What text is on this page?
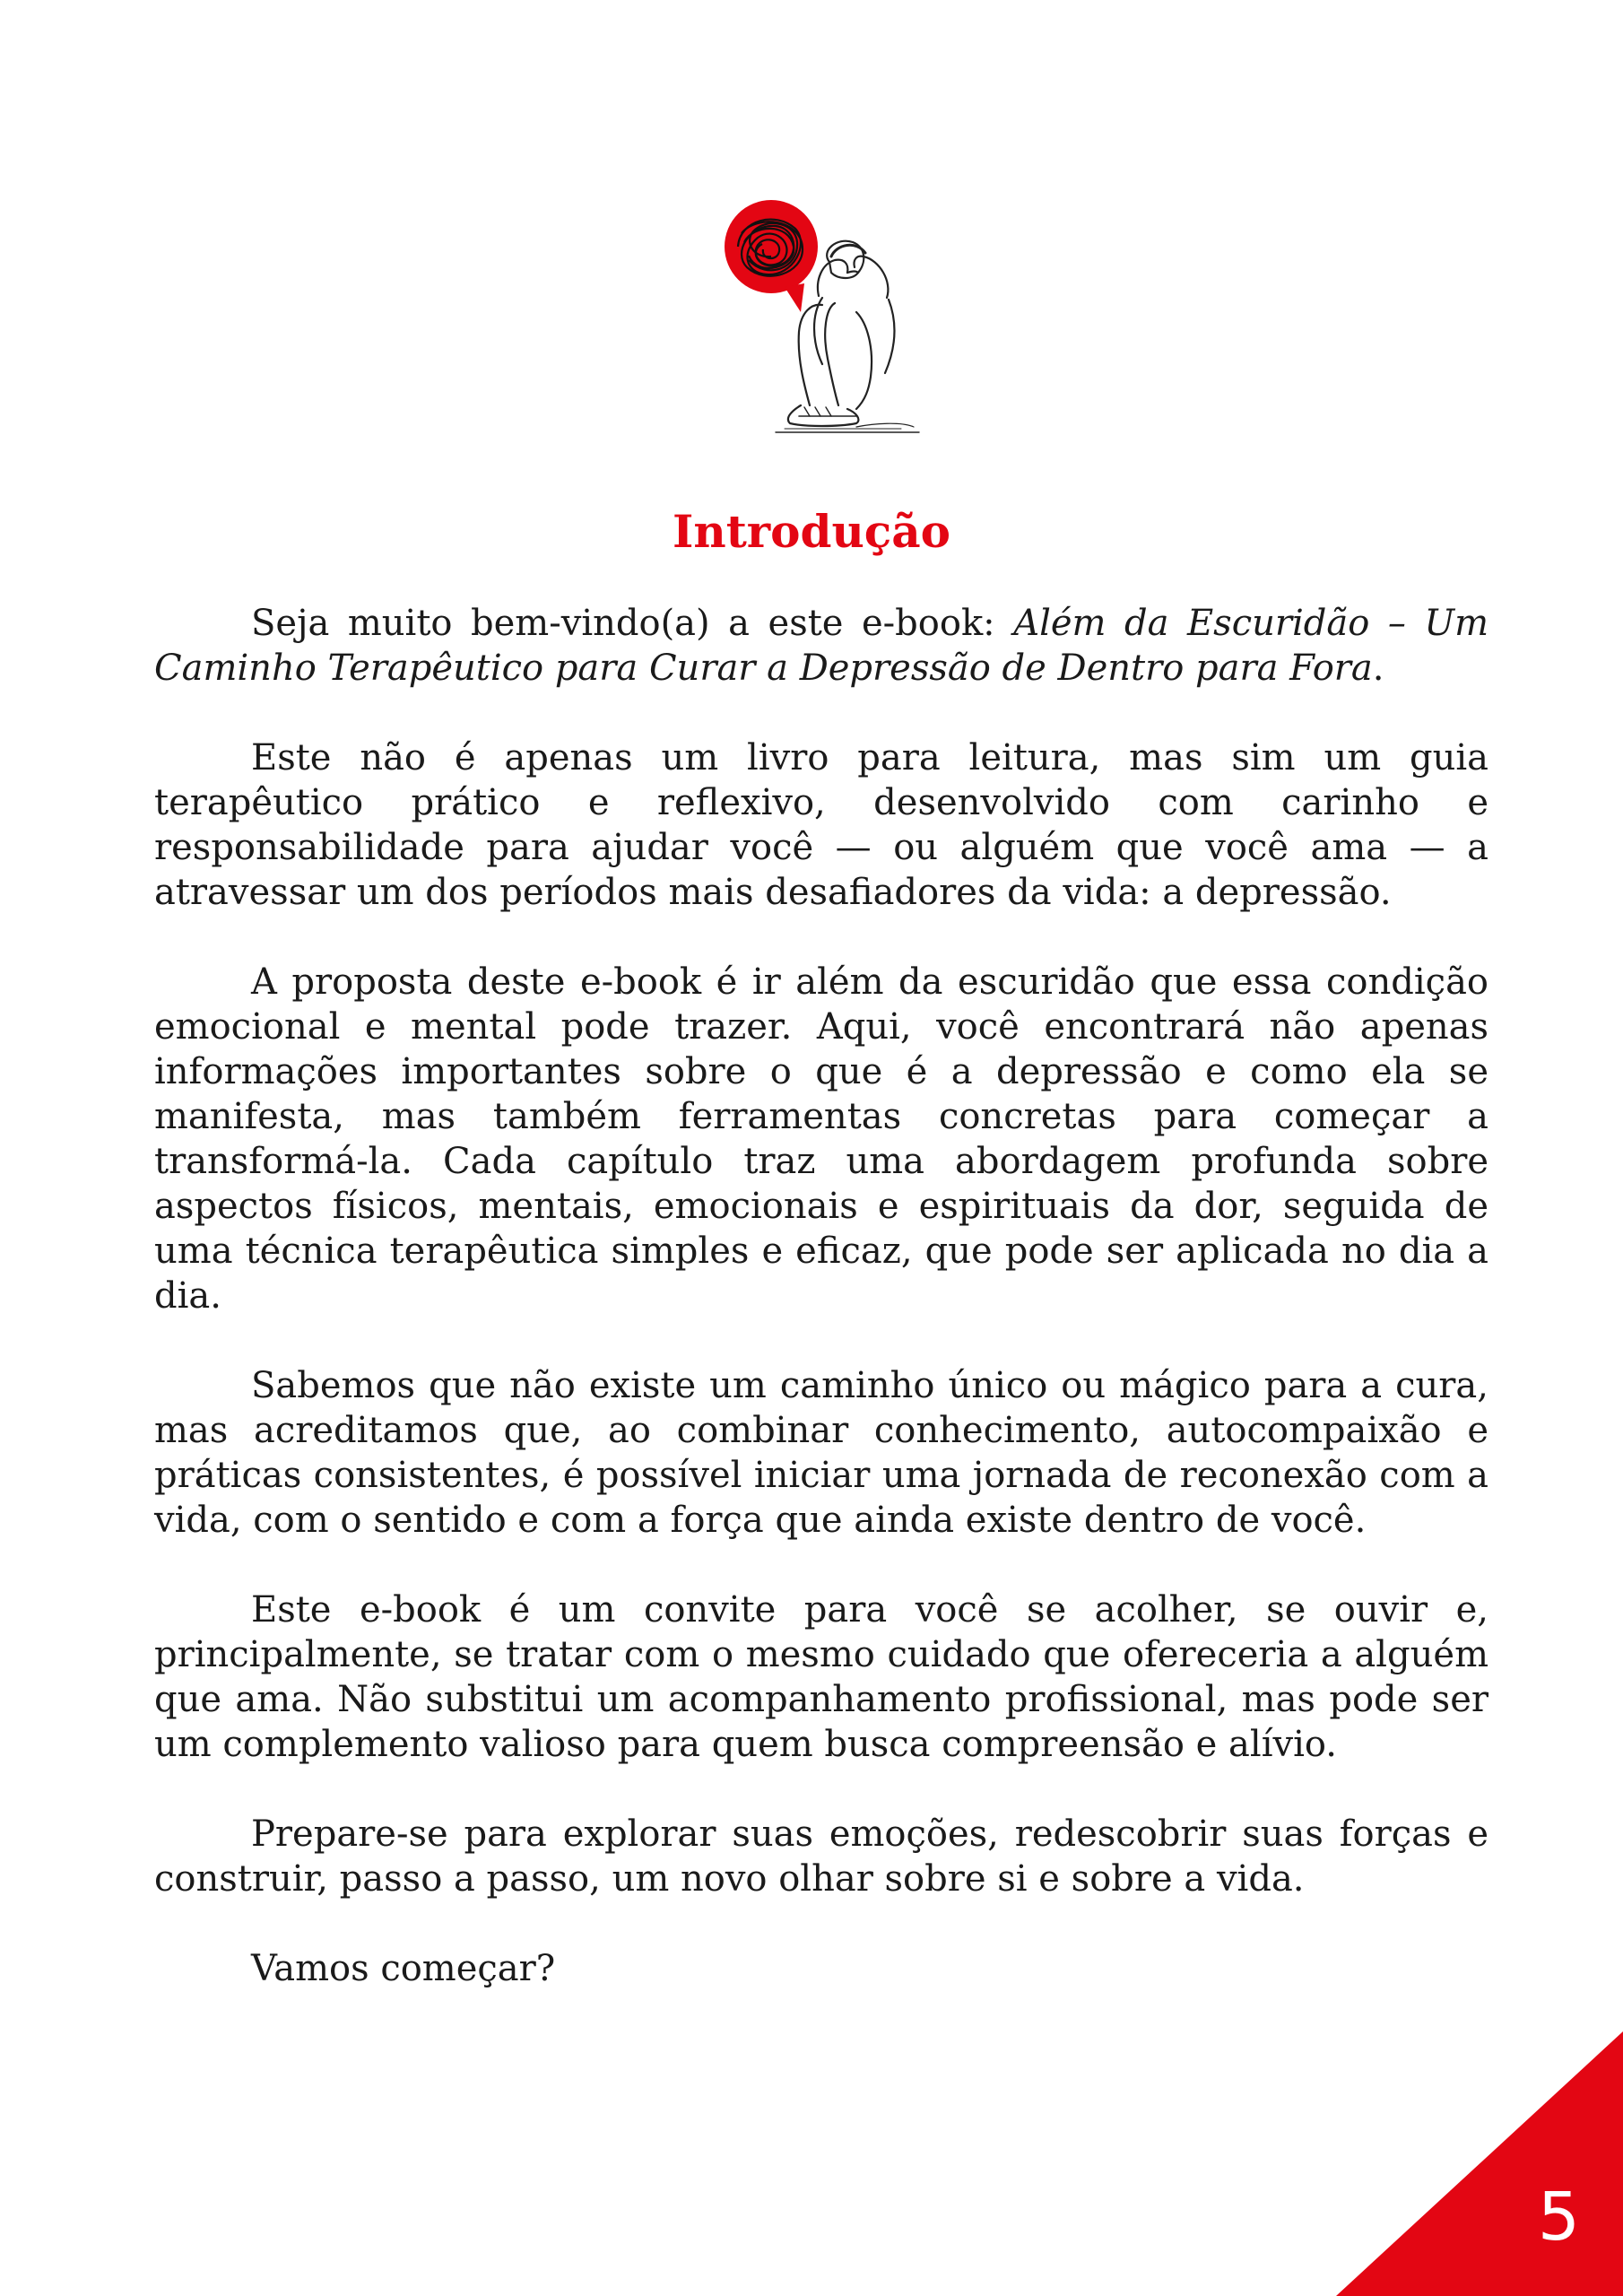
Introdução

Seja muito bem-vindo(a) a este e-book: Além da Escuridão – Um Caminho Terapêutico para Curar a Depressão de Dentro para Fora.

Este não é apenas um livro para leitura, mas sim um guia terapêutico prático e reflexivo, desenvolvido com carinho e responsabilidade para ajudar você — ou alguém que você ama — a atravessar um dos períodos mais desafiadores da vida: a depressão.

A proposta deste e-book é ir além da escuridão que essa condição emocional e mental pode trazer. Aqui, você encontrará não apenas informações importantes sobre o que é a depressão e como ela se manifesta, mas também ferramentas concretas para começar a transformá-la. Cada capítulo traz uma abordagem profunda sobre aspectos físicos, mentais, emocionais e espirituais da dor, seguida de uma técnica terapêutica simples e eficaz, que pode ser aplicada no dia a dia.

Sabemos que não existe um caminho único ou mágico para a cura, mas acreditamos que, ao combinar conhecimento, autocompaixão e práticas consistentes, é possível iniciar uma jornada de reconexão com a vida, com o sentido e com a força que ainda existe dentro de você.

Este e-book é um convite para você se acolher, se ouvir e, principalmente, se tratar com o mesmo cuidado que ofereceria a alguém que ama. Não substitui um acompanhamento profissional, mas pode ser um complemento valioso para quem busca compreensão e alívio.

Prepare-se para explorar suas emoções, redescobrir suas forças e construir, passo a passo, um novo olhar sobre si e sobre a vida.

Vamos começar?

5
